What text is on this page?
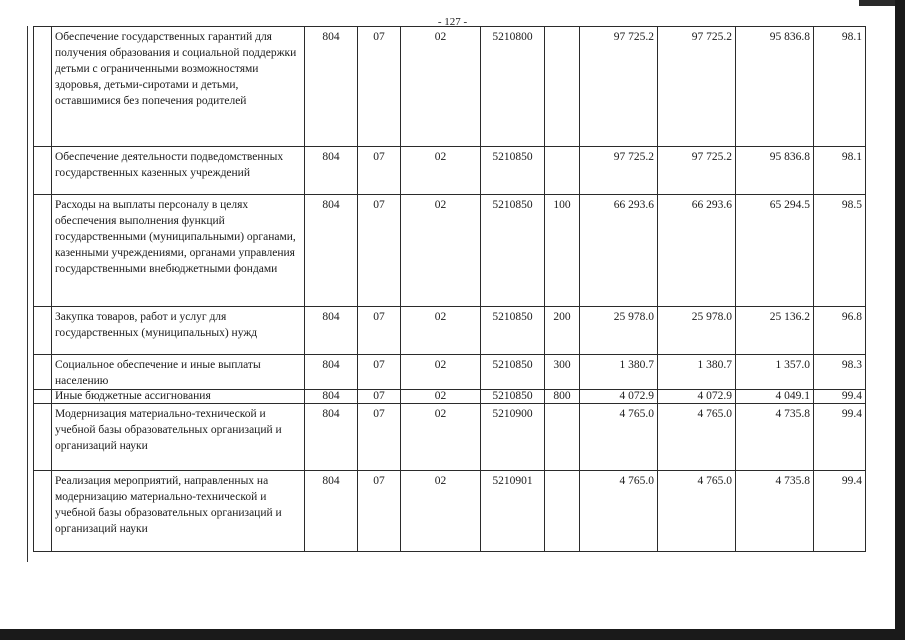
- 127 -
	Обеспечение государственных гарантий для получения образования и социальной поддержки детьми с ограниченными возможностями здоровья, детьми-сиротами и детьми, оставшимися без попечения родителей	804	07	02	5210800		97 725.2	97 725.2	95 836.8	98.1
	Обеспечение деятельности подведомственных государственных казенных учреждений	804	07	02	5210850		97 725.2	97 725.2	95 836.8	98.1
	Расходы на выплаты персоналу в целях обеспечения выполнения функций государственными (муниципальными) органами, казенными учреждениями, органами управления государственными внебюджетными фондами	804	07	02	5210850	100	66 293.6	66 293.6	65 294.5	98.5
	Закупка товаров, работ и услуг для государственных (муниципальных) нужд	804	07	02	5210850	200	25 978.0	25 978.0	25 136.2	96.8
	Социальное обеспечение и иные выплаты населению	804	07	02	5210850	300	1 380.7	1 380.7	1 357.0	98.3
	Иные бюджетные ассигнования	804	07	02	5210850	800	4 072.9	4 072.9	4 049.1	99.4
	Модернизация материально-технической и учебной базы образовательных организаций и организаций науки	804	07	02	5210900		4 765.0	4 765.0	4 735.8	99.4
	Реализация мероприятий, направленных на модернизацию материально-технической и учебной базы образовательных организаций и организаций науки	804	07	02	5210901		4 765.0	4 765.0	4 735.8	99.4
